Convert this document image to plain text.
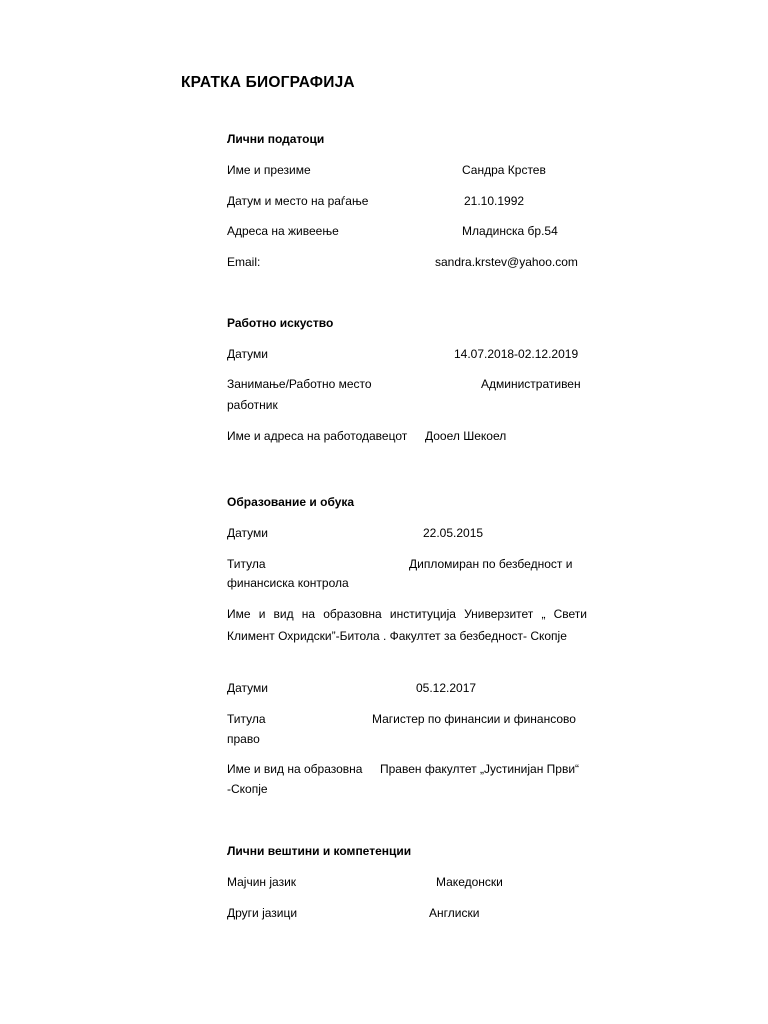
КРАТКА БИОГРАФИЈА
Лични податоци
Име и презиме	Сандра Крстев
Датум и место на раѓање	21.10.1992
Адреса на живеење	Младинска бр.54
Email:	sandra.krstev@yahoo.com
Работно искуство
Датуми	14.07.2018-02.12.2019
Занимање/Работно место	Административен
работник
Име и адреса на работодавецот Дооел Шекоел
Образование и обука
Датуми	22.05.2015
Титула	Дипломиран по безбедност и
финансиска контрола
Име и вид на образовна институција Универзитет „ Свети Климент Охридски”-Битола . Факултет за безбедност- Скопје
Датуми	05.12.2017
Титула	Магистер по финансии и финансово
право
Име и вид на образовна Правен факултет „Јустинијан Први“
-Скопје
Лични вештини и компетенции
Мајчин јазик	Македонски
Други јазици	Англиски
